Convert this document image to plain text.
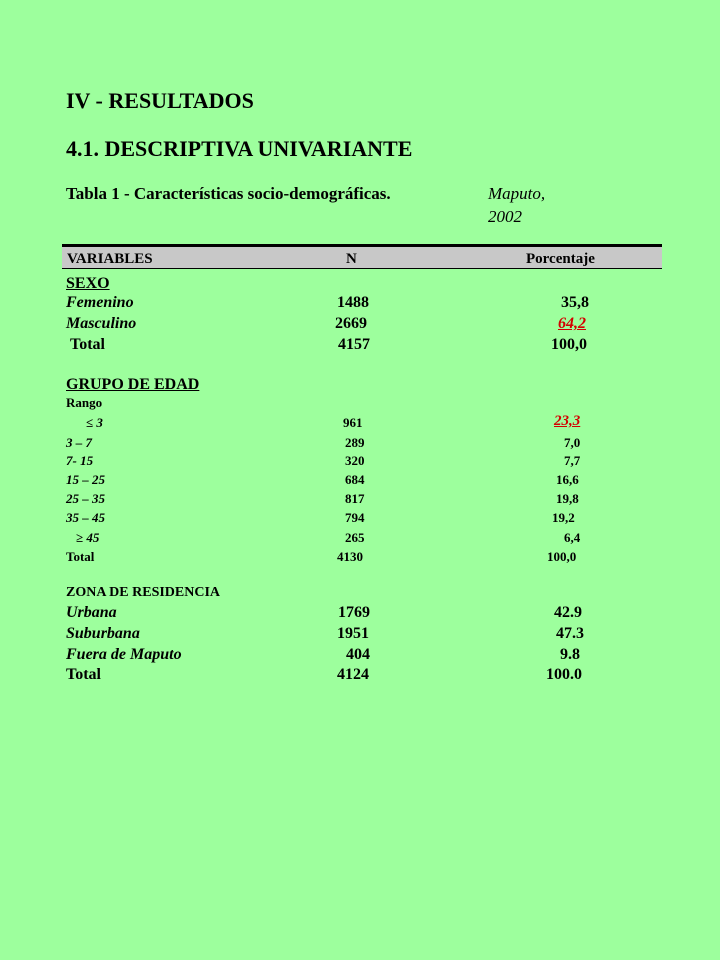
IV - RESULTADOS
4.1. DESCRIPTIVA UNIVARIANTE
Tabla 1 - Características socio-demográficas.	Maputo,
2002
VARIABLES	N	Porcentaje
SEXO
Femenino	1488	35,8
Masculino	2669	64,2
Total	4157	100,0
GRUPO DE EDAD
Rango
≤ 3	961	23,3
3 – 7	289	7,0
7- 15	320	7,7
15 – 25	684	16,6
25 – 35	817	19,8
35 – 45	794	19,2
≥ 45	265	6,4
Total	4130	100,0
ZONA DE RESIDENCIA
Urbana	1769	42.9
Suburbana	1951	47.3
Fuera de Maputo	404	9.8
Total	4124	100.0
